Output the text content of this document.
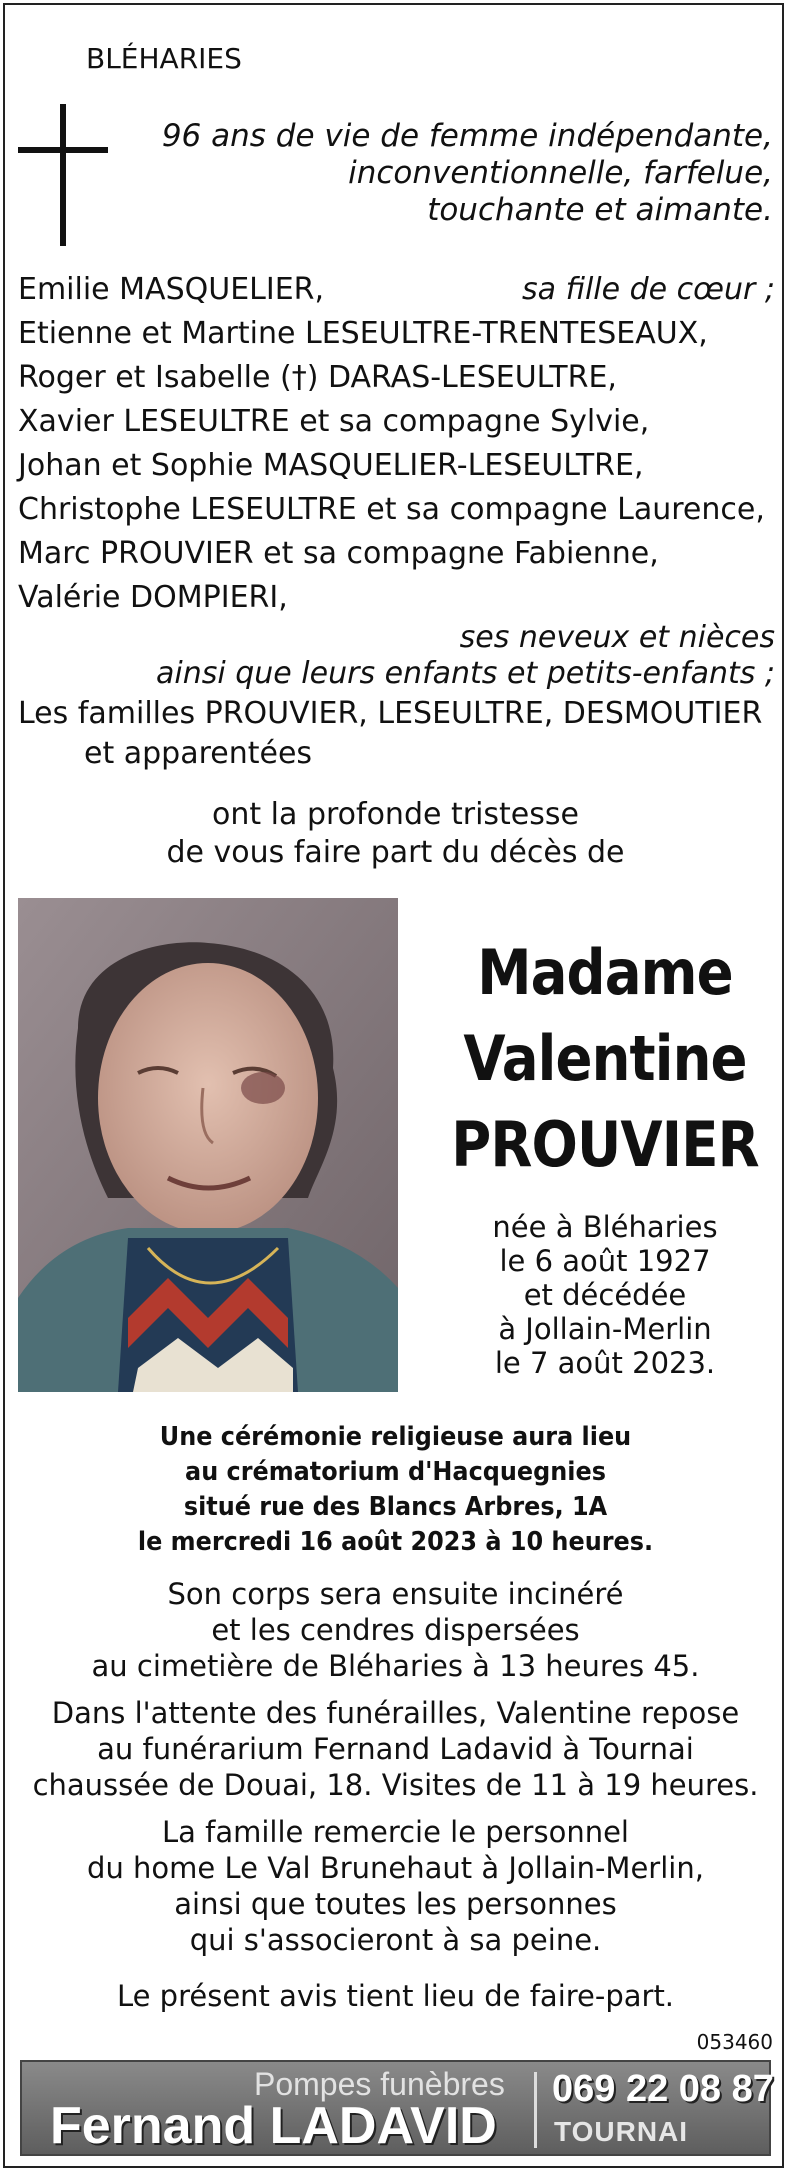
BLÉHARIES
96 ans de vie de femme indépendante,
inconventionnelle, farfelue,
touchante et aimante.
Emilie MASQUELIER,	sa fille de cœur ;
Etienne et Martine LESEULTRE-TRENTESEAUX,
Roger et Isabelle (†) DARAS-LESEULTRE,
Xavier LESEULTRE et sa compagne Sylvie,
Johan et Sophie MASQUELIER-LESEULTRE,
Christophe LESEULTRE et sa compagne Laurence,
Marc PROUVIER et sa compagne Fabienne,
Valérie DOMPIERI,
ses neveux et nièces
ainsi que leurs enfants et petits-enfants ;
Les familles PROUVIER, LESEULTRE, DESMOUTIER
et apparentées
ont la profonde tristesse
de vous faire part du décès de
Madame
Valentine
PROUVIER
née à Bléharies
le 6 août 1927
et décédée
à Jollain-Merlin
le 7 août 2023.
Une cérémonie religieuse aura lieu
au crématorium d'Hacquegnies
situé rue des Blancs Arbres, 1A
le mercredi 16 août 2023 à 10 heures.
Son corps sera ensuite incinéré
et les cendres dispersées
au cimetière de Bléharies à 13 heures 45.
Dans l'attente des funérailles, Valentine repose
au funérarium Fernand Ladavid à Tournai
chaussée de Douai, 18. Visites de 11 à 19 heures.
La famille remercie le personnel
du home Le Val Brunehaut à Jollain-Merlin,
ainsi que toutes les personnes
qui s'associeront à sa peine.
Le présent avis tient lieu de faire-part.
053460
Pompes funèbres
Fernand LADAVID
069 22 08 87
TOURNAI
